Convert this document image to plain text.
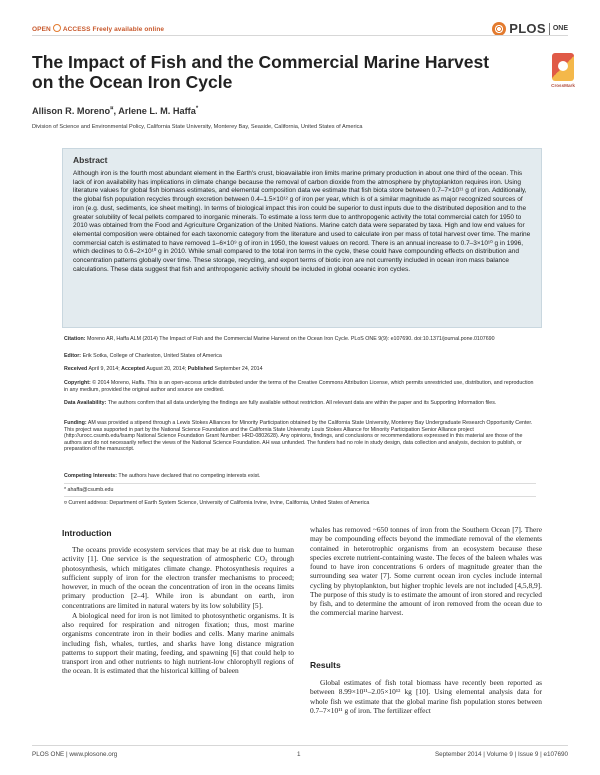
OPEN ACCESS Freely available online	PLOS ONE
The Impact of Fish and the Commercial Marine Harvest on the Ocean Iron Cycle	CrossMark
Allison R. Moreno¤, Arlene L. M. Haffa*
Division of Science and Environmental Policy, California State University, Monterey Bay, Seaside, California, United States of America
Abstract
Although iron is the fourth most abundant element in the Earth's crust, bioavailable iron limits marine primary production in about one third of the ocean. This lack of iron availability has implications in climate change because the removal of carbon dioxide from the atmosphere by phytoplankton requires iron. Using literature values for global fish biomass estimates, and elemental composition data we estimate that fish biota store between 0.7–7×10¹¹ g of iron. Additionally, the global fish population recycles through excretion between 0.4–1.5×10¹² g of iron per year, which is of a similar magnitude as major recognized sources of iron (e.g. dust, sediments, ice sheet melting). In terms of biological impact this iron could be superior to dust inputs due to the distributed deposition and to the greater solubility of fecal pellets compared to inorganic minerals. To estimate a loss term due to anthropogenic activity the total commercial catch for 1950 to 2010 was obtained from the Food and Agriculture Organization of the United Nations. Marine catch data were separated by taxa. High and low end values for elemental composition were obtained for each taxonomic category from the literature and used to calculate iron per mass of total harvest over time. The marine commercial catch is estimated to have removed 1–6×10⁹ g of iron in 1950, the lowest values on record. There is an annual increase to 0.7–3×10¹⁰ g in 1996, which declines to 0.6–2×10¹⁰ g in 2010. While small compared to the total iron terms in the cycle, these could have compounding effects on distribution and concentration patterns globally over time. These storage, recycling, and export terms of biotic iron are not currently included in ocean iron mass balance calculations. These data suggest that fish and anthropogenic activity should be included in global oceanic iron cycles.
Citation: Moreno AR, Haffa ALM (2014) The Impact of Fish and the Commercial Marine Harvest on the Ocean Iron Cycle. PLoS ONE 9(9): e107690. doi:10.1371/journal.pone.0107690
Editor: Erik Sotka, College of Charleston, United States of America
Received April 9, 2014; Accepted August 20, 2014; Published September 24, 2014
Copyright: © 2014 Moreno, Haffa. This is an open-access article distributed under the terms of the Creative Commons Attribution License, which permits unrestricted use, distribution, and reproduction in any medium, provided the original author and source are credited.
Data Availability: The authors confirm that all data underlying the findings are fully available without restriction. All relevant data are within the paper and its Supporting Information files.
Funding: AM was provided a stipend through a Lewis Stokes Alliances for Minority Participation obtained by the California State University, Monterey Bay Undergraduate Research Opportunity Center. This project was supported in part by the National Science Foundation and the California State University Louis Stokes Alliance for Minority Participation Senior Alliance project (http://urocc.csumb.edu/lsamp National Science Foundation Grant Number: HRD-0802628). Any opinions, findings, and conclusions or recommendations expressed in this material are those of the authors and do not necessarily reflect the views of the National Science Foundation. AH was unfunded. The funders had no role in study design, data collection and analysis, decision to publish, or preparation of the manuscript.
Competing Interests: The authors have declared that no competing interests exist.
* ahaffa@csumb.edu
¤ Current address: Department of Earth System Science, University of California Irvine, Irvine, California, United States of America
Introduction

The oceans provide ecosystem services that may be at risk due to human activity [1]. One service is the sequestration of atmospheric CO₂ through photosynthesis, which mitigates climate change. Photosynthesis requires a sufficient supply of iron for the electron transfer mechanisms to proceed; however, in much of the ocean the concentration of iron in the oceans limits primary production [2–4]. While iron is abundant on earth, iron concentrations are limited in natural waters by its low solubility [5].

A biological need for iron is not limited to photosynthetic organisms. It is also required for respiration and nitrogen fixation; thus, most marine organisms concentrate iron in their bodies and cells. Many marine animals including fish, whales, turtles, and sharks have long distance migration patterns to support their mating, feeding, and spawning [6] that could help to transport iron and other nutrients to high nutrient-low chlorophyll regions of the ocean. It is estimated that the historical killing of baleen

whales has removed ~650 tonnes of iron from the Southern Ocean [7]. There may be compounding effects beyond the immediate removal of the elements contained in heterotrophic organisms from an ecosystem because these species excrete nutrient-containing waste. The feces of the baleen whales was found to have iron concentrations 6 orders of magnitude greater than the surrounding sea water [7]. Some current ocean iron cycles include internal cycling by phytoplankton, but higher trophic levels are not included [4,5,8,9]. The purpose of this study is to estimate the amount of iron stored and recycled by fish, and to determine the amount of iron removed from the ocean due to the commercial marine harvest.

Results

Global estimates of fish total biomass have recently been reported as between 8.99×10¹¹–2.05×10¹² kg [10]. Using elemental analysis data for whole fish we estimate that the global marine fish population stores between 0.7–7×10¹¹ g of iron. The fertilizer effect

PLOS ONE | www.plosone.org	1	September 2014 | Volume 9 | Issue 9 | e107690
